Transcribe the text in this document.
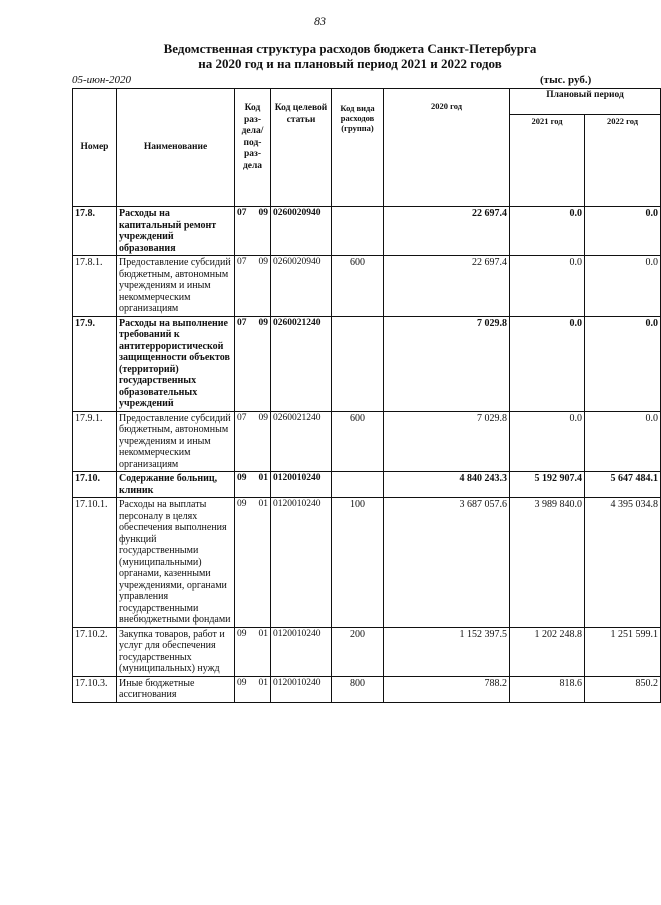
83
Ведомственная структура расходов бюджета Санкт-Петербурга
на 2020 год и на плановый период 2021 и 2022 годов
05-июн-2020	(тыс. руб.)
Номер	Наименование	Код раз-дела/ под-раз-дела	Код целевой статьи	Код вида расходов (группа)	2020 год	Плановый период	
						2021 год	2022 год
17.8.	Расходы на капитальный ремонт учреждений образования	07 09	0260020940		22 697.4	0.0	0.0
17.8.1.	Предоставление субсидий бюджетным, автономным учреждениям и иным некоммерческим организациям	07 09	0260020940	600	22 697.4	0.0	0.0
17.9.	Расходы на выполнение требований к антитеррористической защищенности объектов (территорий) государственных образовательных учреждений	07 09	0260021240		7 029.8	0.0	0.0
17.9.1.	Предоставление субсидий бюджетным, автономным учреждениям и иным некоммерческим организациям	07 09	0260021240	600	7 029.8	0.0	0.0
17.10.	Содержание больниц, клиник	09 01	0120010240		4 840 243.3	5 192 907.4	5 647 484.1
17.10.1.	Расходы на выплаты персоналу в целях обеспечения выполнения функций государственными (муниципальными) органами, казенными учреждениями, органами управления государственными внебюджетными фондами	09 01	0120010240	100	3 687 057.6	3 989 840.0	4 395 034.8
17.10.2.	Закупка товаров, работ и услуг для обеспечения государственных (муниципальных) нужд	09 01	0120010240	200	1 152 397.5	1 202 248.8	1 251 599.1
17.10.3.	Иные бюджетные ассигнования	09 01	0120010240	800	788.2	818.6	850.2
